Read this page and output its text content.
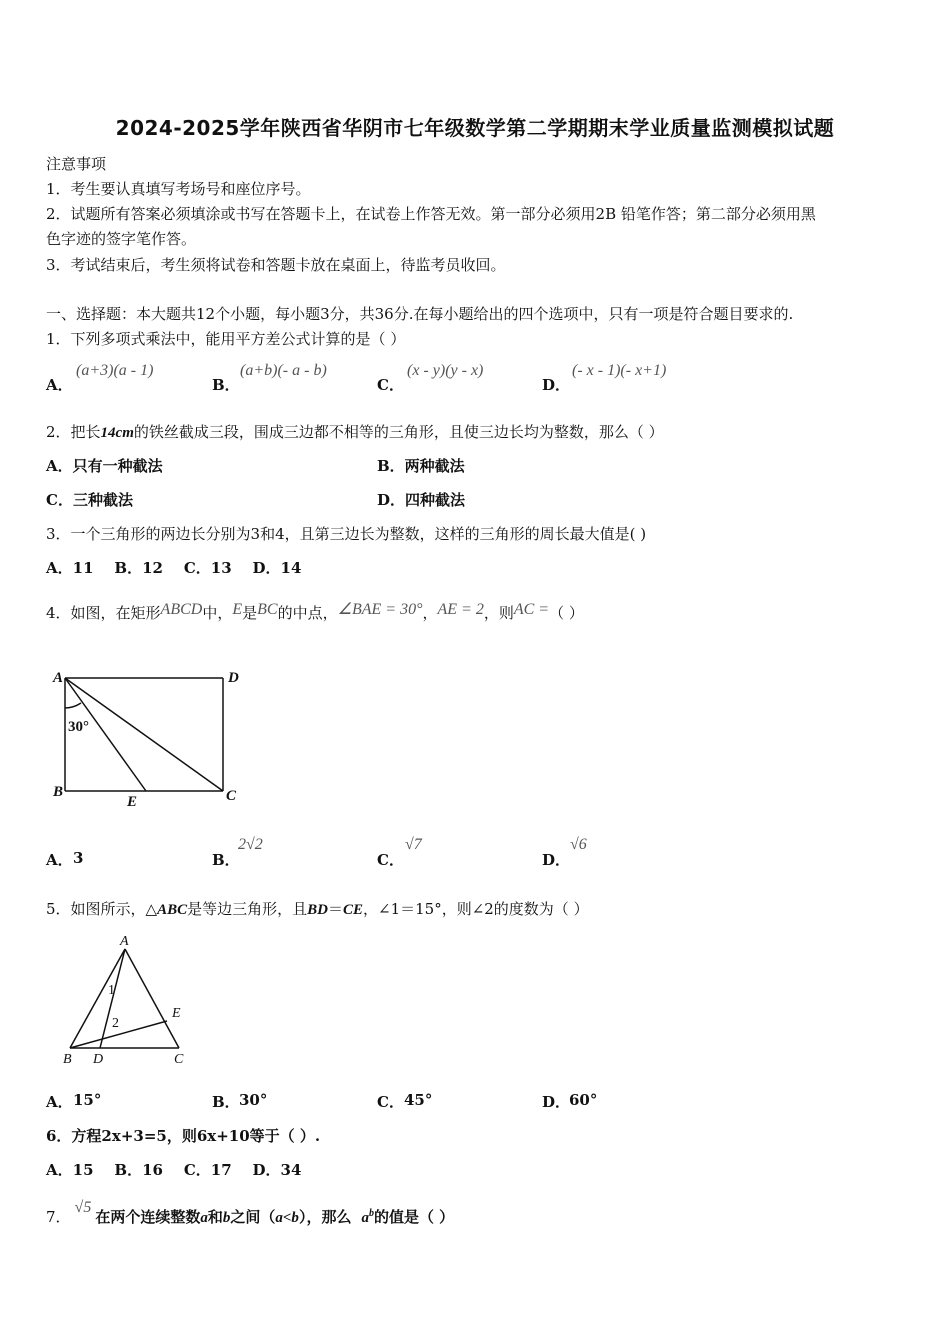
2024-2025学年陕西省华阴市七年级数学第二学期期末学业质量监测模拟试题
注意事项
1．考生要认真填写考场号和座位序号。
2．试题所有答案必须填涂或书写在答题卡上，在试卷上作答无效。第一部分必须用2B 铅笔作答；第二部分必须用黑
色字迹的签字笔作答。
3．考试结束后，考生须将试卷和答题卡放在桌面上，待监考员收回。
一、选择题：本大题共12个小题，每小题3分，共36分.在每小题给出的四个选项中，只有一项是符合题目要求的.
1．下列多项式乘法中，能用平方差公式计算的是（ ）
A．
(a+3)(a - 1)
B．
(a+b)(- a - b)
C．
(x - y)(y - x)
D．
(- x - 1)(- x+1)
2．把长14cm的铁丝截成三段，围成三边都不相等的三角形，且使三边长均为整数，那么（ ）
A．只有一种截法	B．两种截法
C．三种截法	D．四种截法
3．一个三角形的两边长分别为3和4，且第三边长为整数，这样的三角形的周长最大值是( )
A．11    B．12    C．13    D．14
4．如图，在矩形ABCD中，E是BC的中点，∠BAE = 30°，AE = 2，则AC =（ ）
A	D
B	C
E
30°
A． 3	B．
2√2
C．
√7
D．
√6
5．如图所示，△ABC是等边三角形，且BD＝CE，∠1＝15°，则∠2的度数为（ ）
A
B D	C
E
1
2
A． 15°	B． 30°	C． 45°	D．
60°
6．方程2x+3=5，则6x+10等于（ ）.
A．15    B．16    C．17    D．34
7．√5在两个连续整数a和b之间（a<b），那么 $a^b$的值是（ ）
